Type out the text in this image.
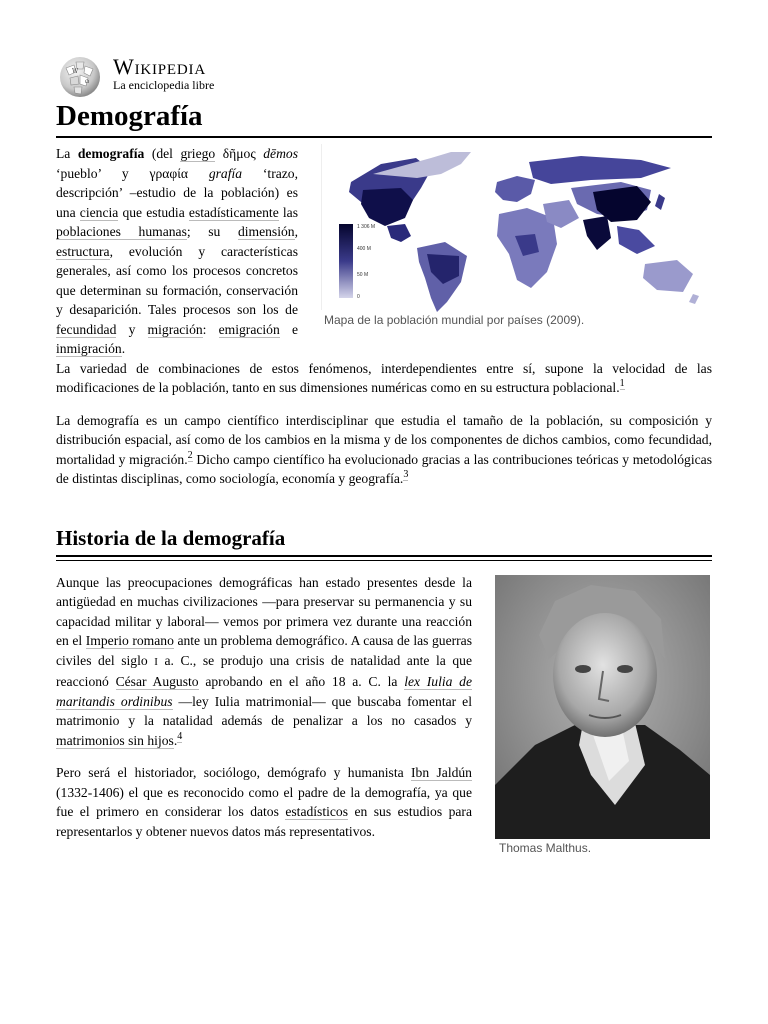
W
Ω
Wikipedia
La enciclopedia libre
Demografía

La demografía (del griego δῆμος dēmos ‘pueblo’ y γραφία grafía ‘trazo, descripción’ –estudio de la población) es una ciencia que estudia estadísticamente las poblaciones humanas; su dimensión, estructura, evolución y características generales, así como los procesos concretos que determinan su formación, conservación y desaparición. Tales procesos son los de fecundidad y migración: emigración e inmigración.

1 306 M
400 M
50 M
0
Mapa de la población mundial por países (2009).

La variedad de combinaciones de estos fenómenos, interdependientes entre sí, supone la velocidad de las modificaciones de la población, tanto en sus dimensiones numéricas como en su estructura poblacional.$^1$

La demografía es un campo científico interdisciplinar que estudia el tamaño de la población, su composición y distribución espacial, así como de los cambios en la misma y de los componentes de dichos cambios, como fecundidad, mortalidad y migración.$^2$ Dicho campo científico ha evolucionado gracias a las contribuciones teóricas y metodológicas de distintas disciplinas, como sociología, economía y geografía.$^3$

Historia de la demografía

Aunque las preocupaciones demográficas han estado presentes desde la antigüedad en muchas civilizaciones —para preservar su permanencia y su capacidad militar y laboral— vemos por primera vez durante una reacción en el Imperio romano ante un problema demográfico. A causa de las guerras civiles del siglo I a. C., se produjo una crisis de natalidad ante la que reaccionó César Augusto aprobando en el año 18 a. C. la lex Iulia de maritandis ordinibus —ley Iulia matrimonial— que buscaba fomentar el matrimonio y la natalidad además de penalizar a los no casados y matrimonios sin hijos.$^4$

Pero será el historiador, sociólogo, demógrafo y humanista Ibn Jaldún (1332-1406) el que es reconocido como el padre de la demografía, ya que fue el primero en considerar los datos estadísticos en sus estudios para representarlos y obtener nuevos datos más representativos.

Thomas Malthus.
